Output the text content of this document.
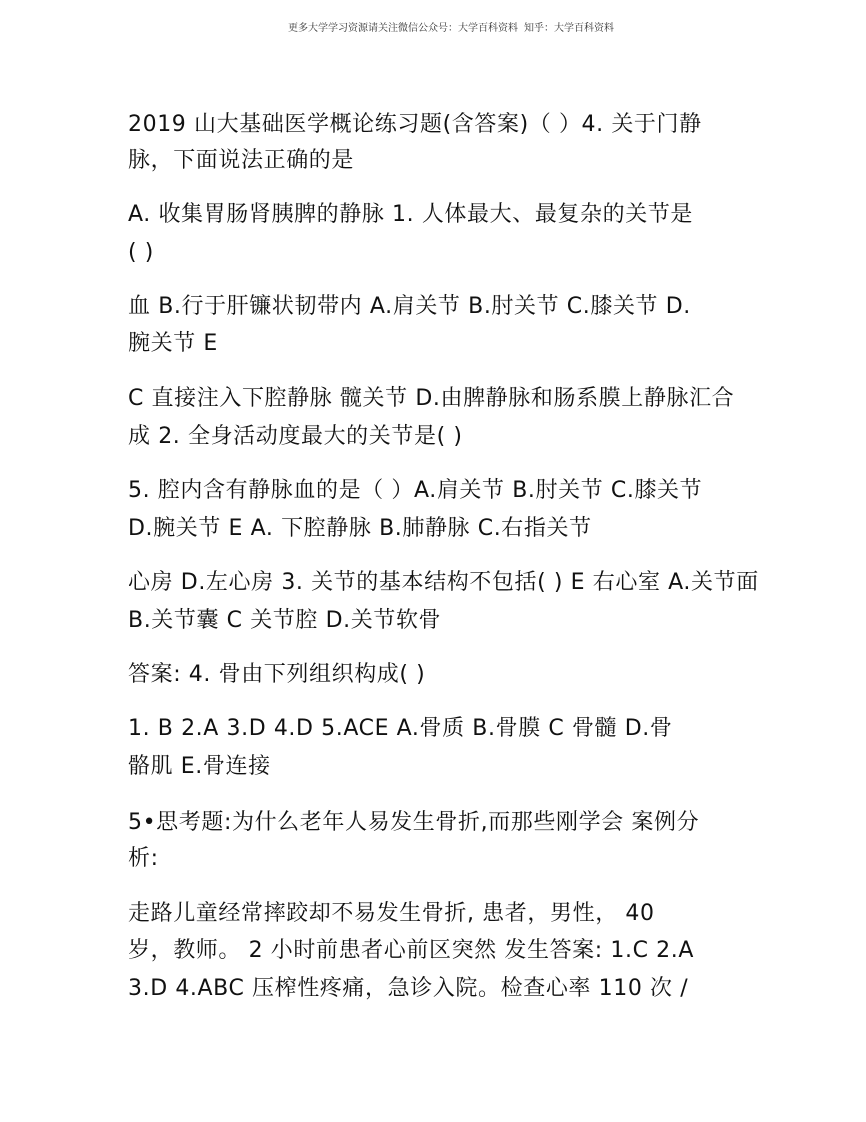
更多大学学习资源请关注微信公众号：大学百科资料 知乎：大学百科资料
2019 山大基础医学概论练习题(含答案)（ ）4. 关于门静
脉，下面说法正确的是
A. 收集胃肠肾胰脾的静脉 1. 人体最大、最复杂的关节是
( )
血 B.行于肝镰状韧带内 A.肩关节 B.肘关节 C.膝关节 D.
腕关节 E
C 直接注入下腔静脉 髋关节 D.由脾静脉和肠系膜上静脉汇合
成 2. 全身活动度最大的关节是( )
5. 腔内含有静脉血的是（ ）A.肩关节 B.肘关节 C.膝关节
D.腕关节 E A. 下腔静脉 B.肺静脉 C.右指关节
心房 D.左心房 3. 关节的基本结构不包括( ) E 右心室 A.关节面
B.关节囊 C 关节腔 D.关节软骨
答案: 4. 骨由下列组织构成( )
1. B 2.A 3.D 4.D 5.ACE A.骨质 B.骨膜 C 骨髓 D.骨
骼肌 E.骨连接
5•思考题:为什么老年人易发生骨折,而那些刚学会 案例分
析:
走路儿童经常摔跤却不易发生骨折, 患者，男性， 40
岁，教师。 2 小时前患者心前区突然 发生答案: 1.C 2.A
3.D 4.ABC 压榨性疼痛，急诊入院。检查心率 110 次 /
